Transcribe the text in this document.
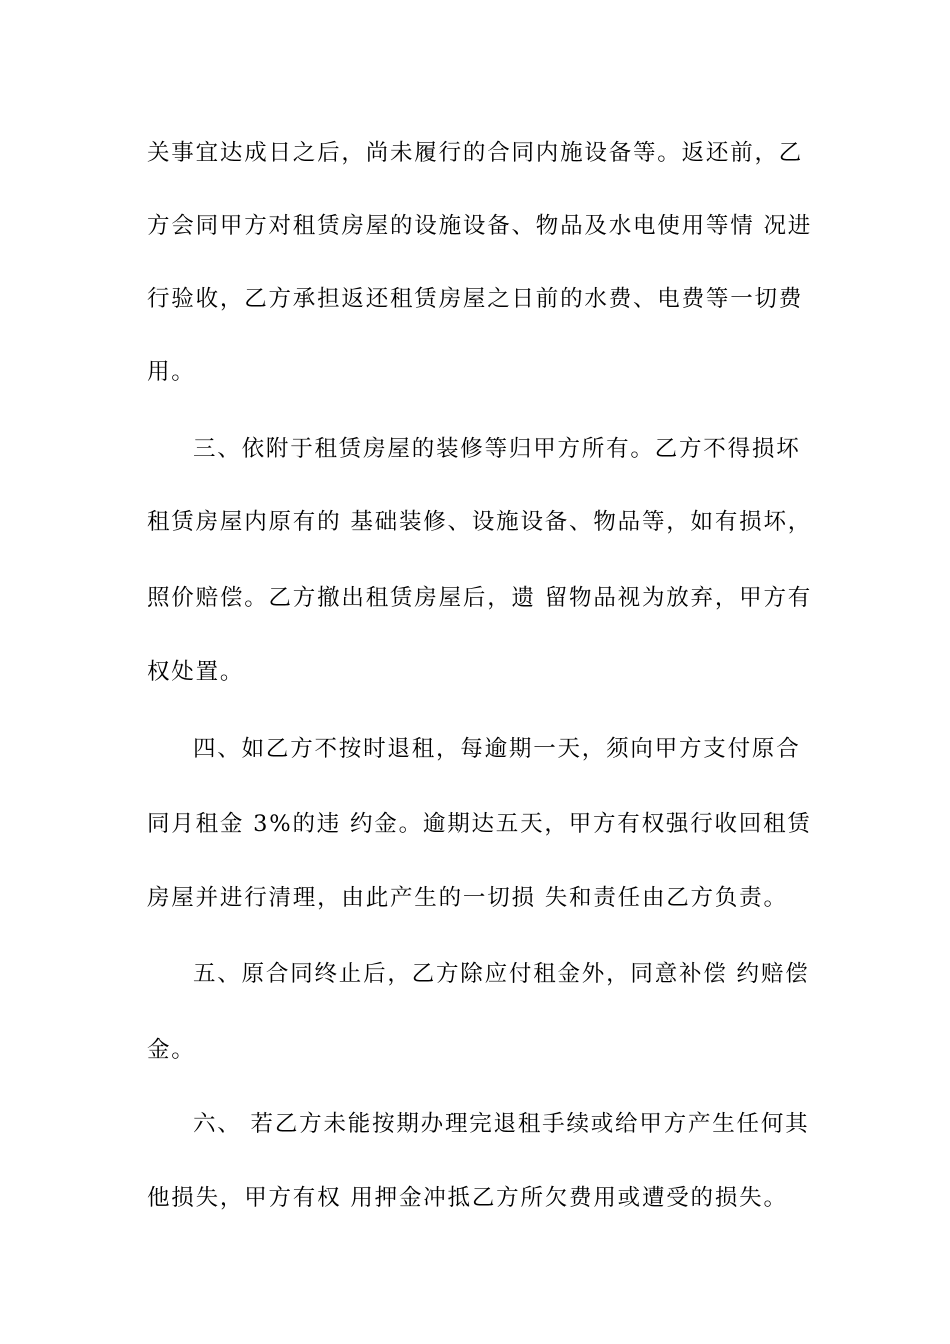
关事宜达成日之后，尚未履行的合同内施设备等。返还前，乙
方会同甲方对租赁房屋的设施设备、物品及水电使用等情 况进
行验收，乙方承担返还租赁房屋之日前的水费、电费等一切费
用。
三、依附于租赁房屋的装修等归甲方所有。乙方不得损坏
租赁房屋内原有的 基础装修、设施设备、物品等，如有损坏，
照价赔偿。乙方撤出租赁房屋后，遗 留物品视为放弃，甲方有
权处置。
四、如乙方不按时退租，每逾期一天，须向甲方支付原合
同月租金 3%的违 约金。逾期达五天，甲方有权强行收回租赁
房屋并进行清理，由此产生的一切损 失和责任由乙方负责。
五、原合同终止后，乙方除应付租金外，同意补偿 约赔偿
金。
六、 若乙方未能按期办理完退租手续或给甲方产生任何其
他损失，甲方有权 用押金冲抵乙方所欠费用或遭受的损失。
